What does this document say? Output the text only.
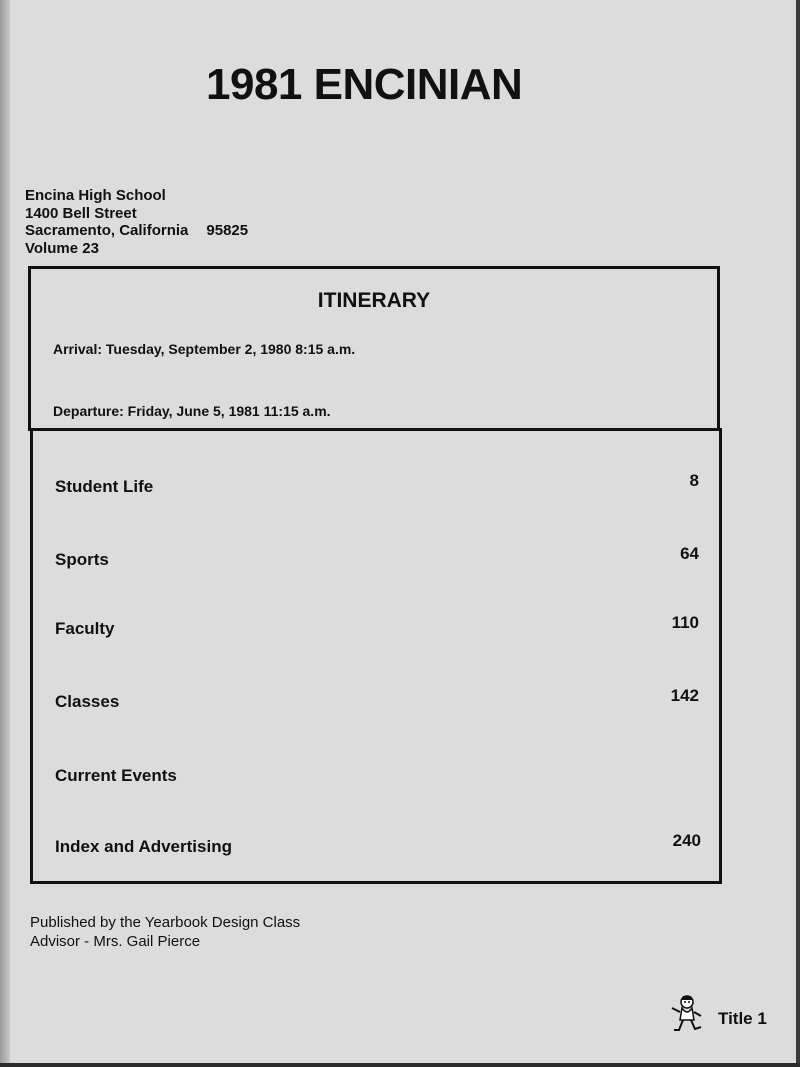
1981 ENCINIAN
Encina High School
1400 Bell Street
Sacramento, California 95825
Volume 23
ITINERARY
Arrival: Tuesday, September 2, 1980 8:15 a.m.
Departure: Friday, June 5, 1981 11:15 a.m.
Student Life	8
Sports	64
Faculty	110
Classes	142
Current Events
Index and Advertising	240
Published by the Yearbook Design Class
Advisor - Mrs. Gail Pierce
Title 1
